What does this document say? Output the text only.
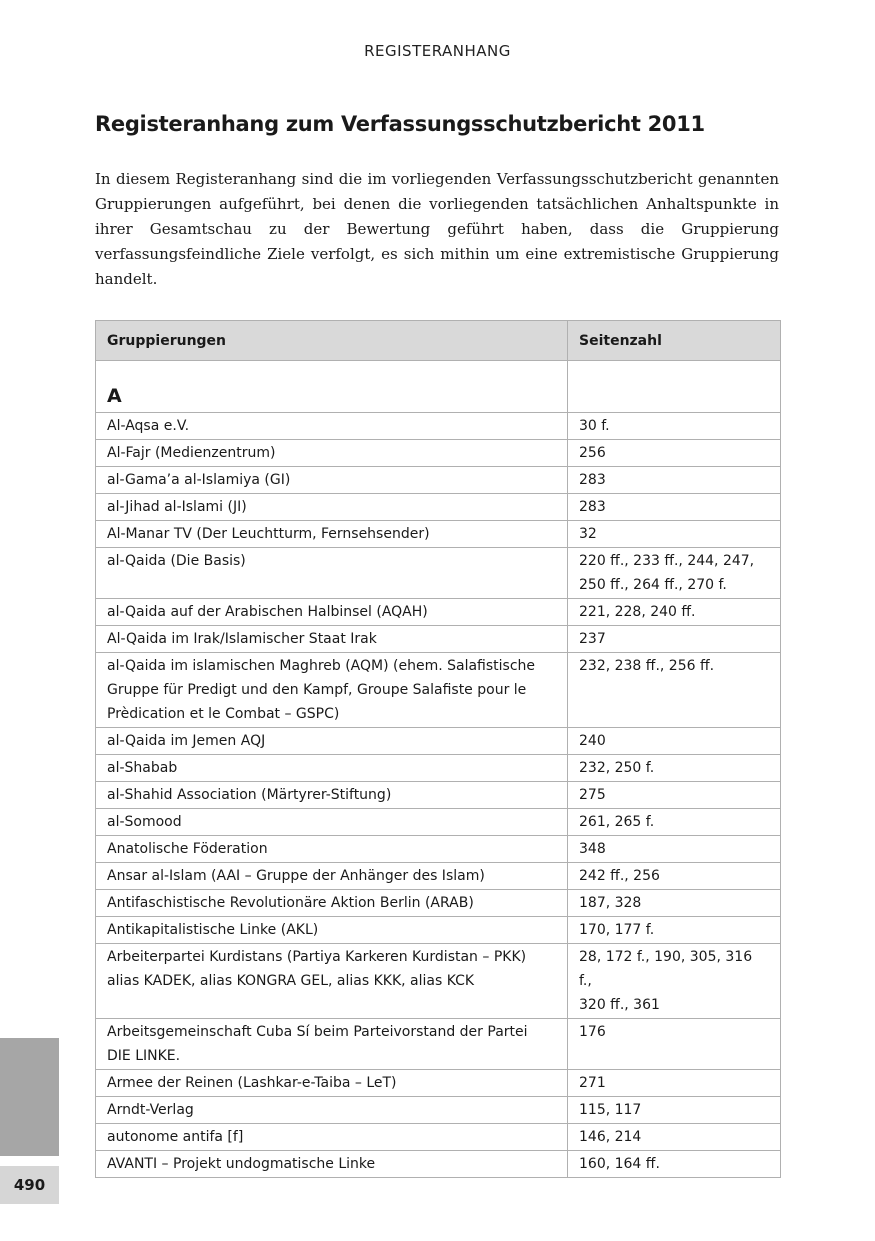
REGISTERANHANG
Registeranhang zum Verfassungsschutzbericht 2011

In diesem Registeranhang sind die im vorliegenden Verfassungsschutzbericht genannten Gruppierungen aufgeführt, bei denen die vorliegenden tatsächlichen Anhaltspunkte in ihrer Gesamtschau zu der Bewertung geführt haben, dass die Gruppierung verfassungsfeindliche Ziele verfolgt, es sich mithin um eine extremistische Gruppierung handelt.

Gruppierungen	Seitenzahl
A	
Al-Aqsa e.V.	30 f.
Al-Fajr (Medienzentrum)	256
al-Gama’a al-Islamiya (GI)	283
al-Jihad al-Islami (JI)	283
Al-Manar TV (Der Leuchtturm, Fernsehsender)	32
al-Qaida (Die Basis)	220 ff., 233 ff., 244, 247,
250 ff., 264 ff., 270 f.
al-Qaida auf der Arabischen Halbinsel (AQAH)	221, 228, 240 ff.
Al-Qaida im Irak/Islamischer Staat Irak	237
al-Qaida im islamischen Maghreb (AQM) (ehem. Salafistische
Gruppe für Predigt und den Kampf, Groupe Salafiste pour le
Prèdication et le Combat – GSPC)	232, 238 ff., 256 ff.
al-Qaida im Jemen AQJ	240
al-Shabab	232, 250 f.
al-Shahid Association (Märtyrer-Stiftung)	275
al-Somood	261, 265 f.
Anatolische Föderation	348
Ansar al-Islam (AAI – Gruppe der Anhänger des Islam)	242 ff., 256
Antifaschistische Revolutionäre Aktion Berlin (ARAB)	187, 328
Antikapitalistische Linke (AKL)	170, 177 f.
Arbeiterpartei Kurdistans (Partiya Karkeren Kurdistan – PKK)
alias KADEK, alias KONGRA GEL, alias KKK, alias KCK	28, 172 f., 190, 305, 316 f.,
320 ff., 361
Arbeitsgemeinschaft Cuba Sí beim Parteivorstand der Partei
DIE LINKE.	176
Armee der Reinen (Lashkar-e-Taiba – LeT)	271
Arndt-Verlag	115, 117
autonome antifa [f]	146, 214
AVANTI – Projekt undogmatische Linke	160, 164 ff.
490
